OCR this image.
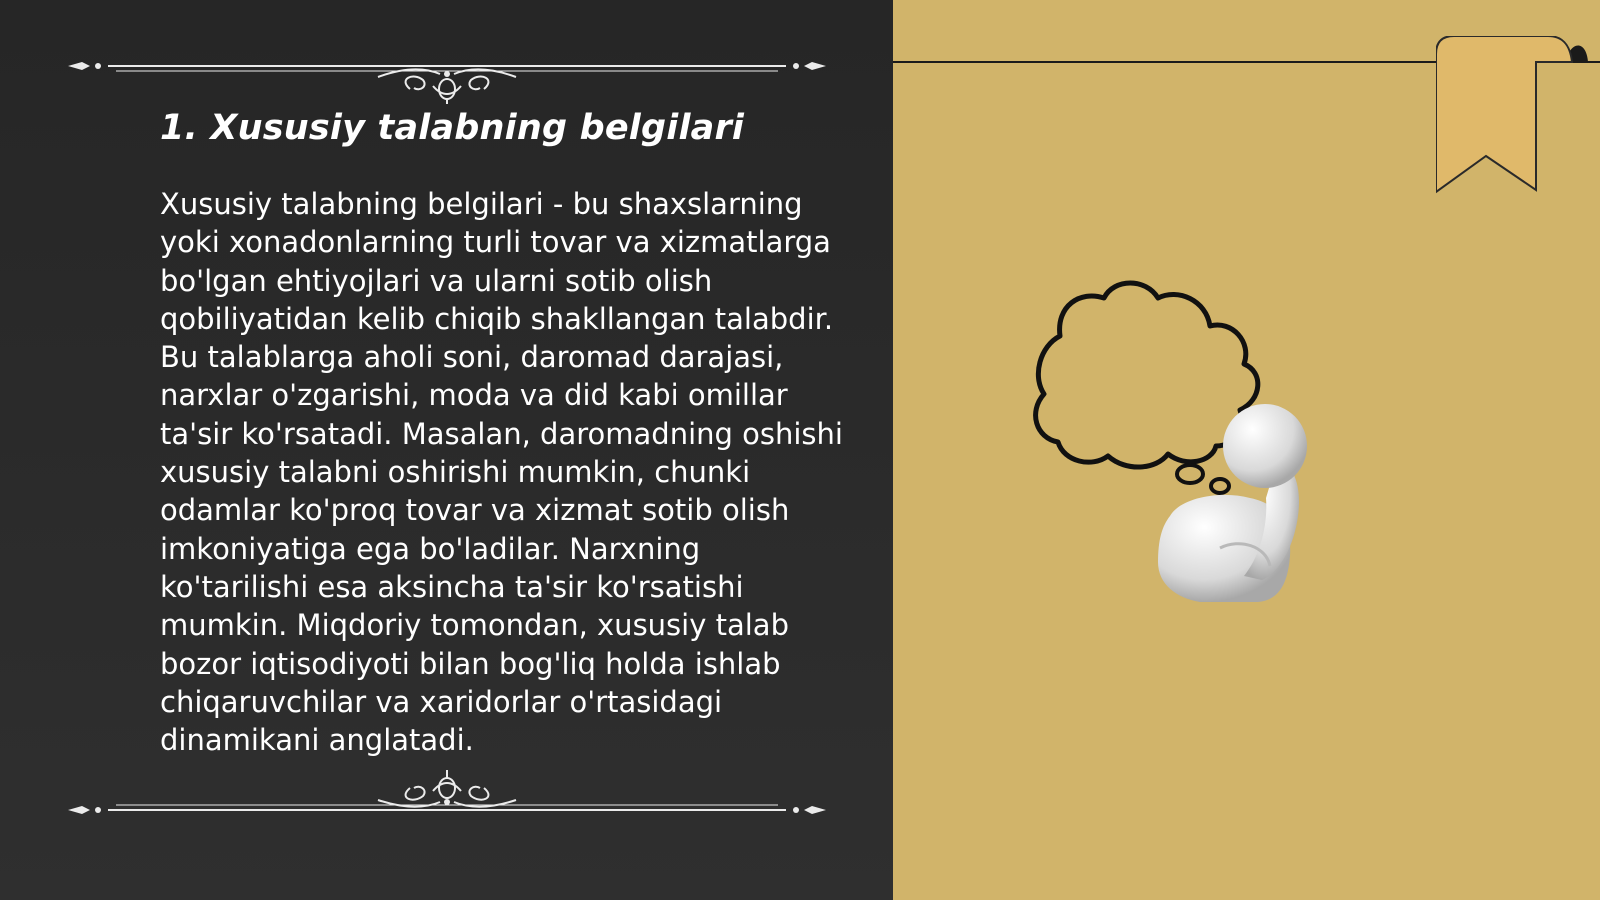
1. Xususiy talabning belgilari

Xususiy talabning belgilari - bu shaxslarning yoki xonadonlarning turli tovar va xizmatlarga bo'lgan ehtiyojlari va ularni sotib olish qobiliyatidan kelib chiqib shakllangan talabdir. Bu talablarga aholi soni, daromad darajasi, narxlar o'zgarishi, moda va did kabi omillar ta'sir ko'rsatadi. Masalan, daromadning oshishi xususiy talabni oshirishi mumkin, chunki odamlar ko'proq tovar va xizmat sotib olish imkoniyatiga ega bo'ladilar. Narxning ko'tarilishi esa aksincha ta'sir ko'rsatishi mumkin. Miqdoriy tomondan, xususiy talab bozor iqtisodiyoti bilan bog'liq holda ishlab chiqaruvchilar va xaridorlar o'rtasidagi dinamikani anglatadi.
